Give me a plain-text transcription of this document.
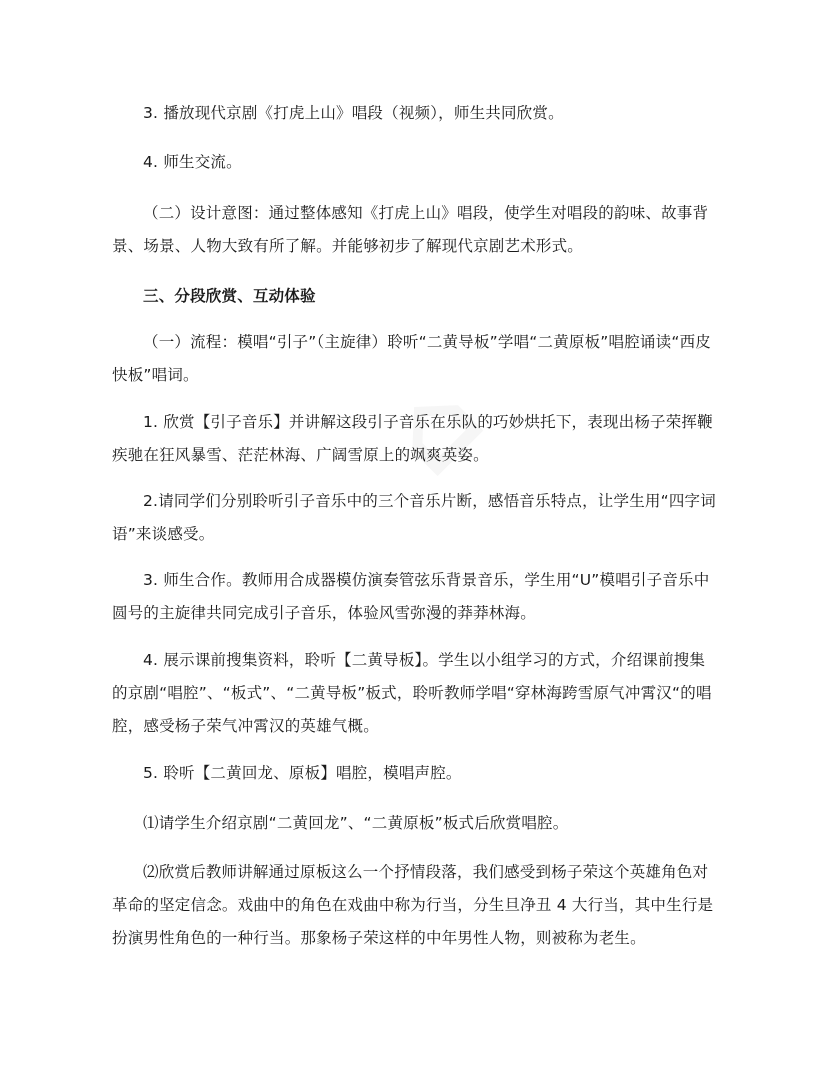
3. 播放现代京剧《打虎上山》唱段（视频），师生共同欣赏。

4. 师生交流。

（二）设计意图：通过整体感知《打虎上山》唱段，使学生对唱段的韵味、故事背景、场景、人物大致有所了解。并能够初步了解现代京剧艺术形式。

三、分段欣赏、互动体验

（一）流程：模唱“引子”（主旋律）聆听“二黄导板”学唱“二黄原板”唱腔诵读“西皮快板”唱词。

1. 欣赏【引子音乐】并讲解这段引子音乐在乐队的巧妙烘托下，表现出杨子荣挥鞭疾驰在狂风暴雪、茫茫林海、广阔雪原上的飒爽英姿。

2.请同学们分别聆听引子音乐中的三个音乐片断，感悟音乐特点，让学生用“四字词语”来谈感受。

3. 师生合作。教师用合成器模仿演奏管弦乐背景音乐，学生用“U”模唱引子音乐中圆号的主旋律共同完成引子音乐，体验风雪弥漫的莽莽林海。

4. 展示课前搜集资料，聆听【二黄导板】。学生以小组学习的方式，介绍课前搜集的京剧“唱腔”、“板式”、“二黄导板”板式，聆听教师学唱“穿林海跨雪原气冲霄汉“的唱腔，感受杨子荣气冲霄汉的英雄气概。

5. 聆听【二黄回龙、原板】唱腔，模唱声腔。

⑴请学生介绍京剧“二黄回龙”、“二黄原板”板式后欣赏唱腔。

⑵欣赏后教师讲解通过原板这么一个抒情段落，我们感受到杨子荣这个英雄角色对革命的坚定信念。戏曲中的角色在戏曲中称为行当，分生旦净丑 4 大行当，其中生行是扮演男性角色的一种行当。那象杨子荣这样的中年男性人物，则被称为老生。
